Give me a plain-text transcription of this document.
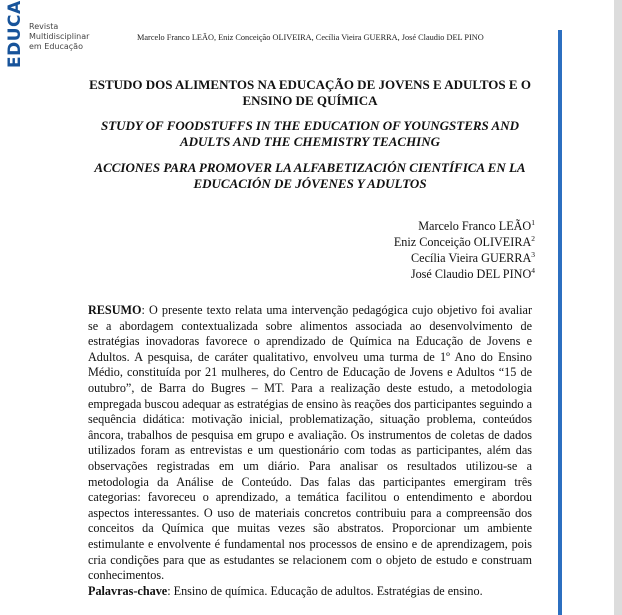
EDUCA Revista
Multidisciplinar
em Educação
Marcelo Franco LEÃO, Eniz Conceição OLIVEIRA, Cecília Vieira GUERRA, José Claudio DEL PINO
ESTUDO DOS ALIMENTOS NA EDUCAÇÃO DE JOVENS E ADULTOS E O ENSINO DE QUÍMICA
STUDY OF FOODSTUFFS IN THE EDUCATION OF YOUNGSTERS AND ADULTS AND THE CHEMISTRY TEACHING
ACCIONES PARA PROMOVER LA ALFABETIZACIÓN CIENTÍFICA EN LA EDUCACIÓN DE JÓVENES Y ADULTOS
Marcelo Franco LEÃO$^1$
Eniz Conceição OLIVEIRA$^2$
Cecília Vieira GUERRA$^3$
José Claudio DEL PINO$^4$

RESUMO: O presente texto relata uma intervenção pedagógica cujo objetivo foi avaliar se a abordagem contextualizada sobre alimentos associada ao desenvolvimento de estratégias inovadoras favorece o aprendizado de Química na Educação de Jovens e Adultos. A pesquisa, de caráter qualitativo, envolveu uma turma de 1º Ano do Ensino Médio, constituída por 21 mulheres, do Centro de Educação de Jovens e Adultos “15 de outubro”, de Barra do Bugres – MT. Para a realização deste estudo, a metodologia empregada buscou adequar as estratégias de ensino às reações dos participantes seguindo a sequência didática: motivação inicial, problematização, situação problema, conteúdos âncora, trabalhos de pesquisa em grupo e avaliação. Os instrumentos de coletas de dados utilizados foram as entrevistas e um questionário com todas as participantes, além das observações registradas em um diário. Para analisar os resultados utilizou-se a metodologia da Análise de Conteúdo. Das falas das participantes emergiram três categorias: favoreceu o aprendizado, a temática facilitou o entendimento e abordou aspectos interessantes. O uso de materiais concretos contribuiu para a compreensão dos conceitos da Química que muitas vezes são abstratos. Proporcionar um ambiente estimulante e envolvente é fundamental nos processos de ensino e de aprendizagem, pois cria condições para que as estudantes se relacionem com o objeto de estudo e construam conhecimentos.

Palavras-chave: Ensino de química. Educação de adultos. Estratégias de ensino.
